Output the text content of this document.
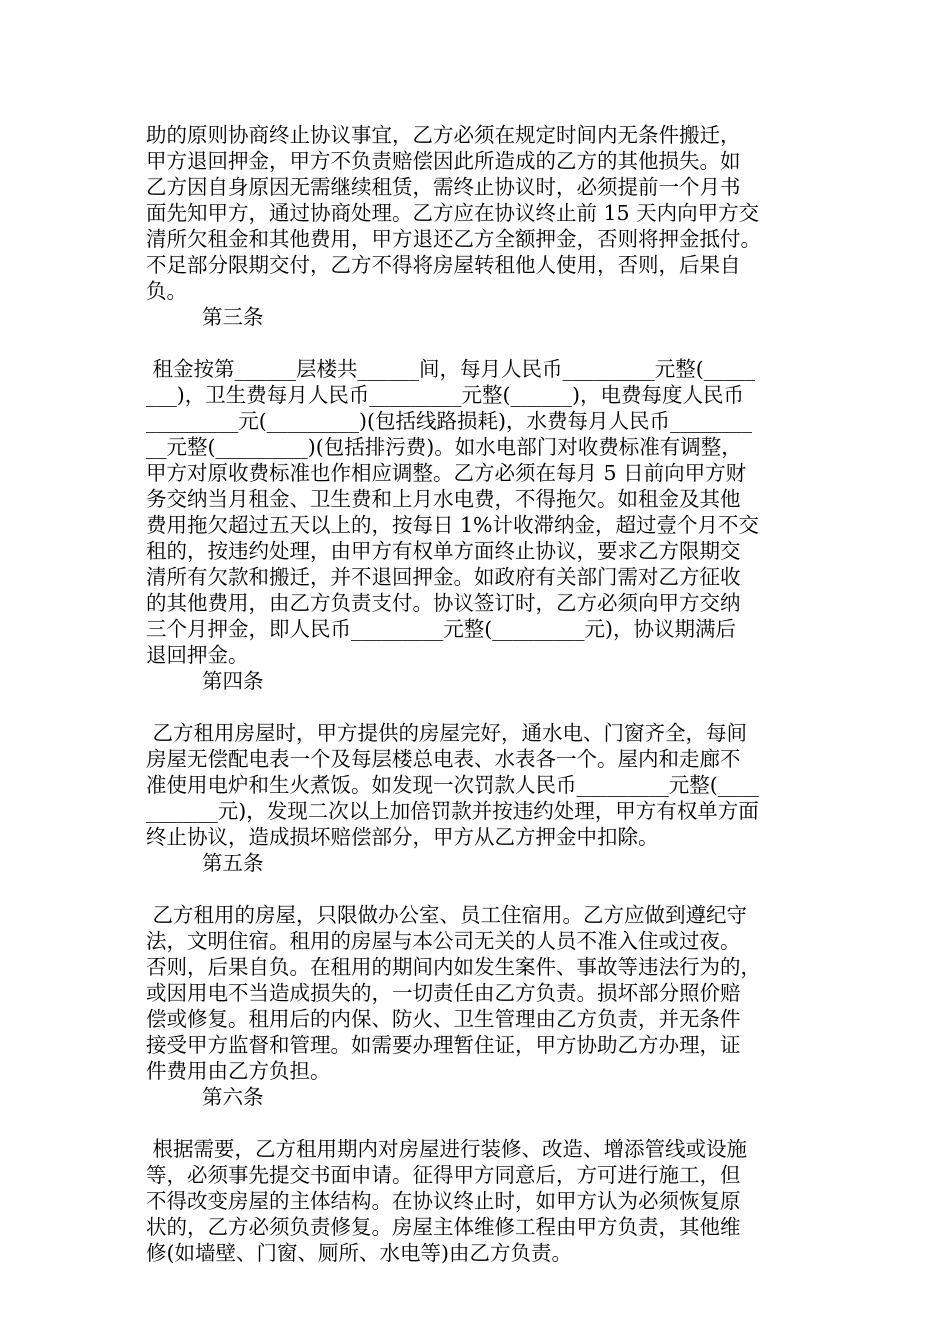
助的原则协商终止协议事宜，乙方必须在规定时间内无条件搬迁，
甲方退回押金，甲方不负责赔偿因此所造成的乙方的其他损失。如
乙方因自身原因无需继续租赁，需终止协议时，必须提前一个月书
面先知甲方，通过协商处理。乙方应在协议终止前 15 天内向甲方交
清所欠租金和其他费用，甲方退还乙方全额押金，否则将押金抵付。
不足部分限期交付，乙方不得将房屋转租他人使用，否则，后果自
负。
第三条
租金按第______层楼共______间，每月人民币_________元整(_____
___)，卫生费每月人民币_________元整(______)，电费每度人民币
_________元(_________)(包括线路损耗)，水费每月人民币________
__元整(_________)(包括排污费)。如水电部门对收费标准有调整，
甲方对原收费标准也作相应调整。乙方必须在每月 5 日前向甲方财
务交纳当月租金、卫生费和上月水电费，不得拖欠。如租金及其他
费用拖欠超过五天以上的，按每日 1%计收滞纳金，超过壹个月不交
租的，按违约处理，由甲方有权单方面终止协议，要求乙方限期交
清所有欠款和搬迁，并不退回押金。如政府有关部门需对乙方征收
的其他费用，由乙方负责支付。协议签订时，乙方必须向甲方交纳
三个月押金，即人民币_________元整(_________元)，协议期满后
退回押金。
第四条
乙方租用房屋时，甲方提供的房屋完好，通水电、门窗齐全，每间
房屋无偿配电表一个及每层楼总电表、水表各一个。屋内和走廊不
准使用电炉和生火煮饭。如发现一次罚款人民币_________元整(____
_______元)，发现二次以上加倍罚款并按违约处理，甲方有权单方面
终止协议，造成损坏赔偿部分，甲方从乙方押金中扣除。
第五条
乙方租用的房屋，只限做办公室、员工住宿用。乙方应做到遵纪守
法，文明住宿。租用的房屋与本公司无关的人员不准入住或过夜。
否则，后果自负。在租用的期间内如发生案件、事故等违法行为的，
或因用电不当造成损失的，一切责任由乙方负责。损坏部分照价赔
偿或修复。租用后的内保、防火、卫生管理由乙方负责，并无条件
接受甲方监督和管理。如需要办理暂住证，甲方协助乙方办理，证
件费用由乙方负担。
第六条
根据需要，乙方租用期内对房屋进行装修、改造、增添管线或设施
等，必须事先提交书面申请。征得甲方同意后，方可进行施工，但
不得改变房屋的主体结构。在协议终止时，如甲方认为必须恢复原
状的，乙方必须负责修复。房屋主体维修工程由甲方负责，其他维
修(如墙壁、门窗、厕所、水电等)由乙方负责。
